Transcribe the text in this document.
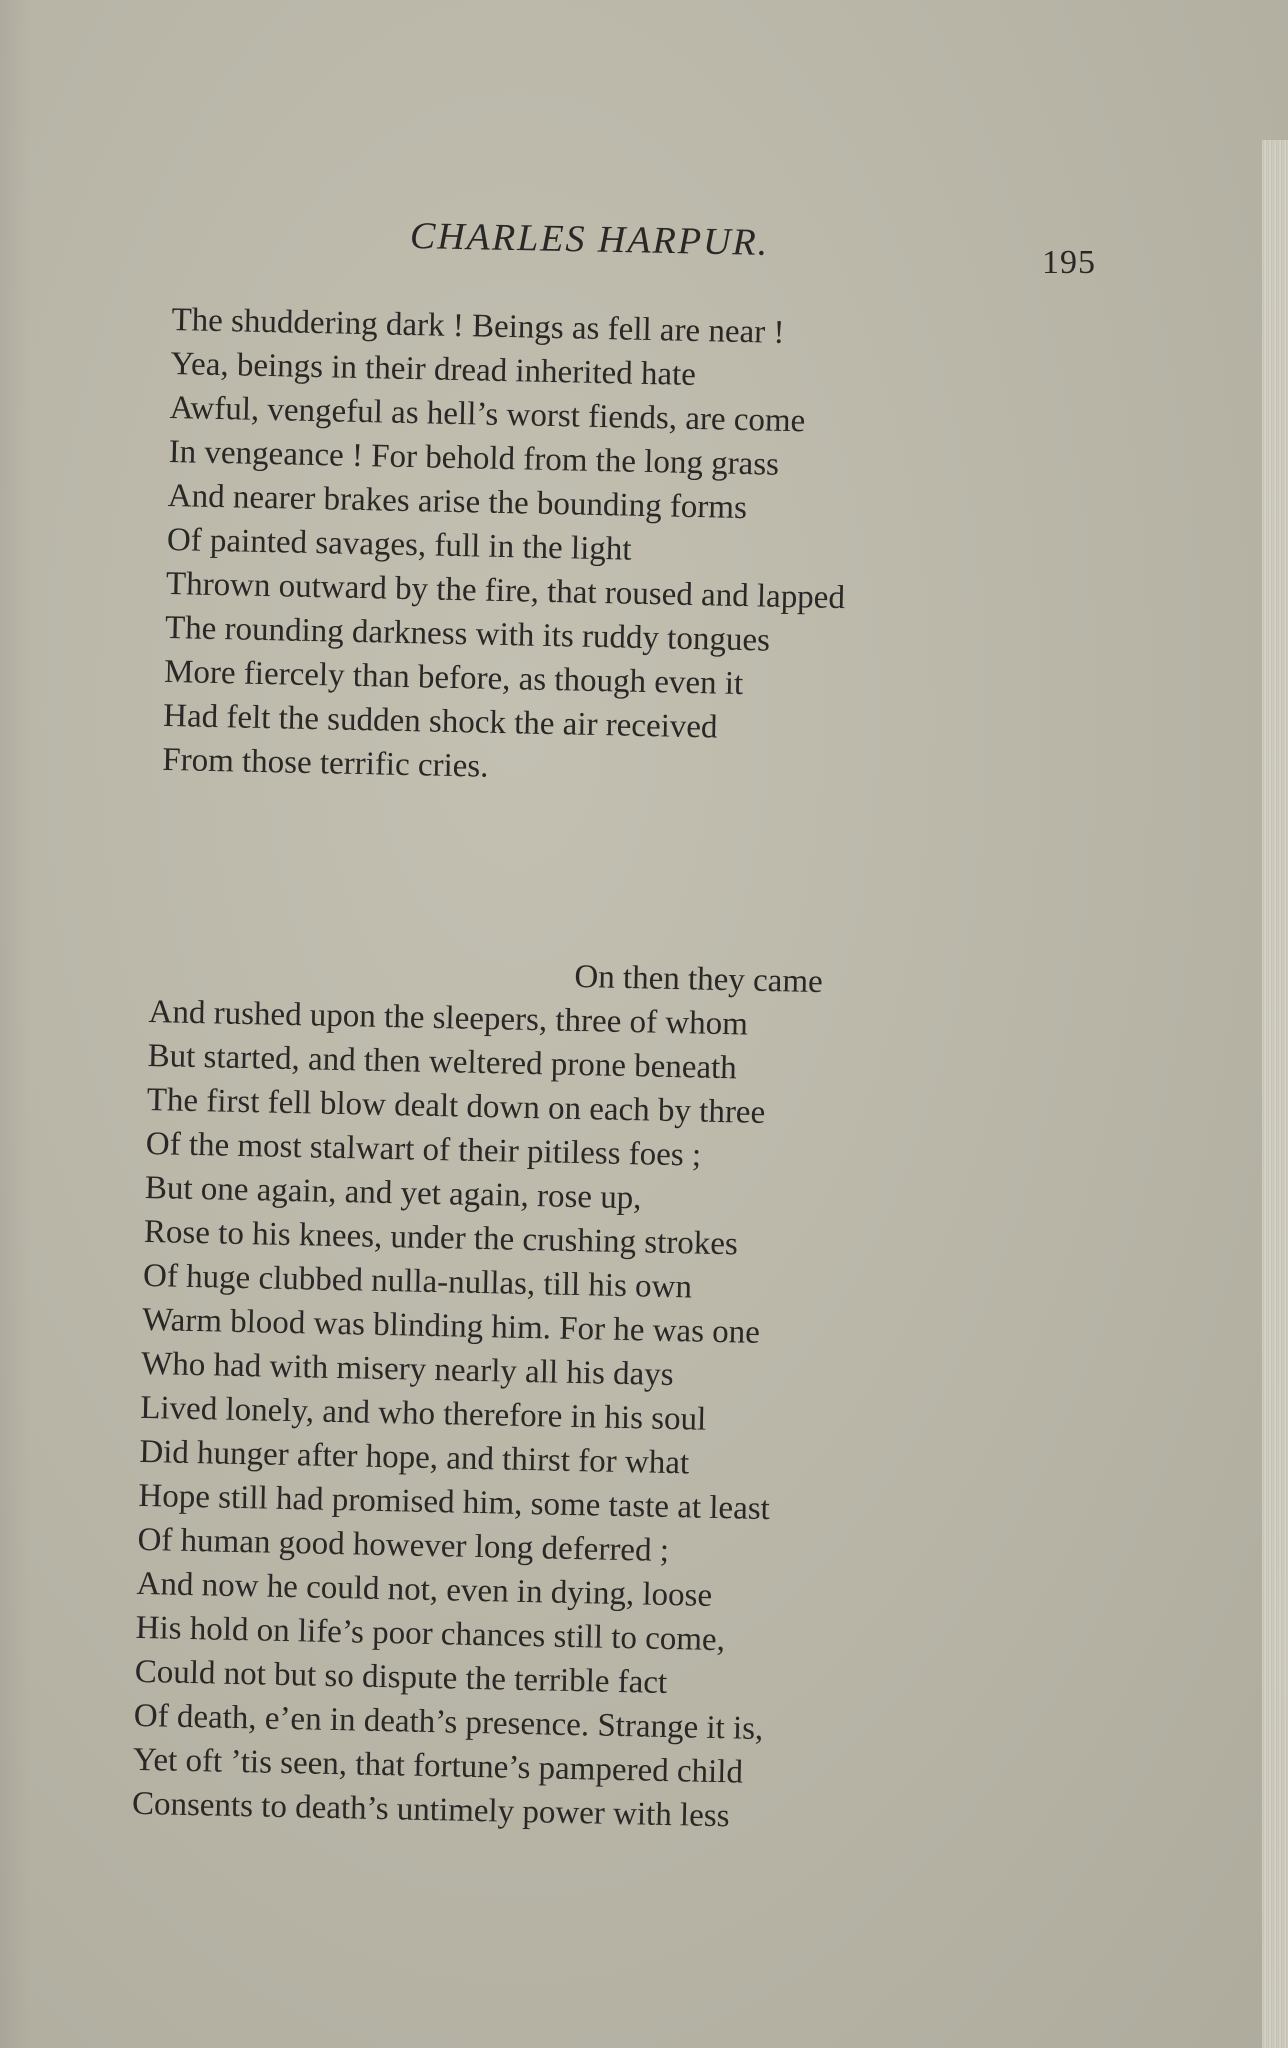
CHARLES HARPUR.	195
The shuddering dark ! Beings as fell are near !
Yea, beings in their dread inherited hate
Awful, vengeful as hell’s worst fiends, are come
In vengeance ! For behold from the long grass
And nearer brakes arise the bounding forms
Of painted savages, full in the light
Thrown outward by the fire, that roused and lapped
The rounding darkness with its ruddy tongues
More fiercely than before, as though even it
Had felt the sudden shock the air received
From those terrific cries.
On then they came
And rushed upon the sleepers, three of whom
But started, and then weltered prone beneath
The first fell blow dealt down on each by three
Of the most stalwart of their pitiless foes ;
But one again, and yet again, rose up,
Rose to his knees, under the crushing strokes
Of huge clubbed nulla-nullas, till his own
Warm blood was blinding him. For he was one
Who had with misery nearly all his days
Lived lonely, and who therefore in his soul
Did hunger after hope, and thirst for what
Hope still had promised him, some taste at least
Of human good however long deferred ;
And now he could not, even in dying, loose
His hold on life’s poor chances still to come,
Could not but so dispute the terrible fact
Of death, e’en in death’s presence. Strange it is,
Yet oft ’tis seen, that fortune’s pampered child
Consents to death’s untimely power with less
